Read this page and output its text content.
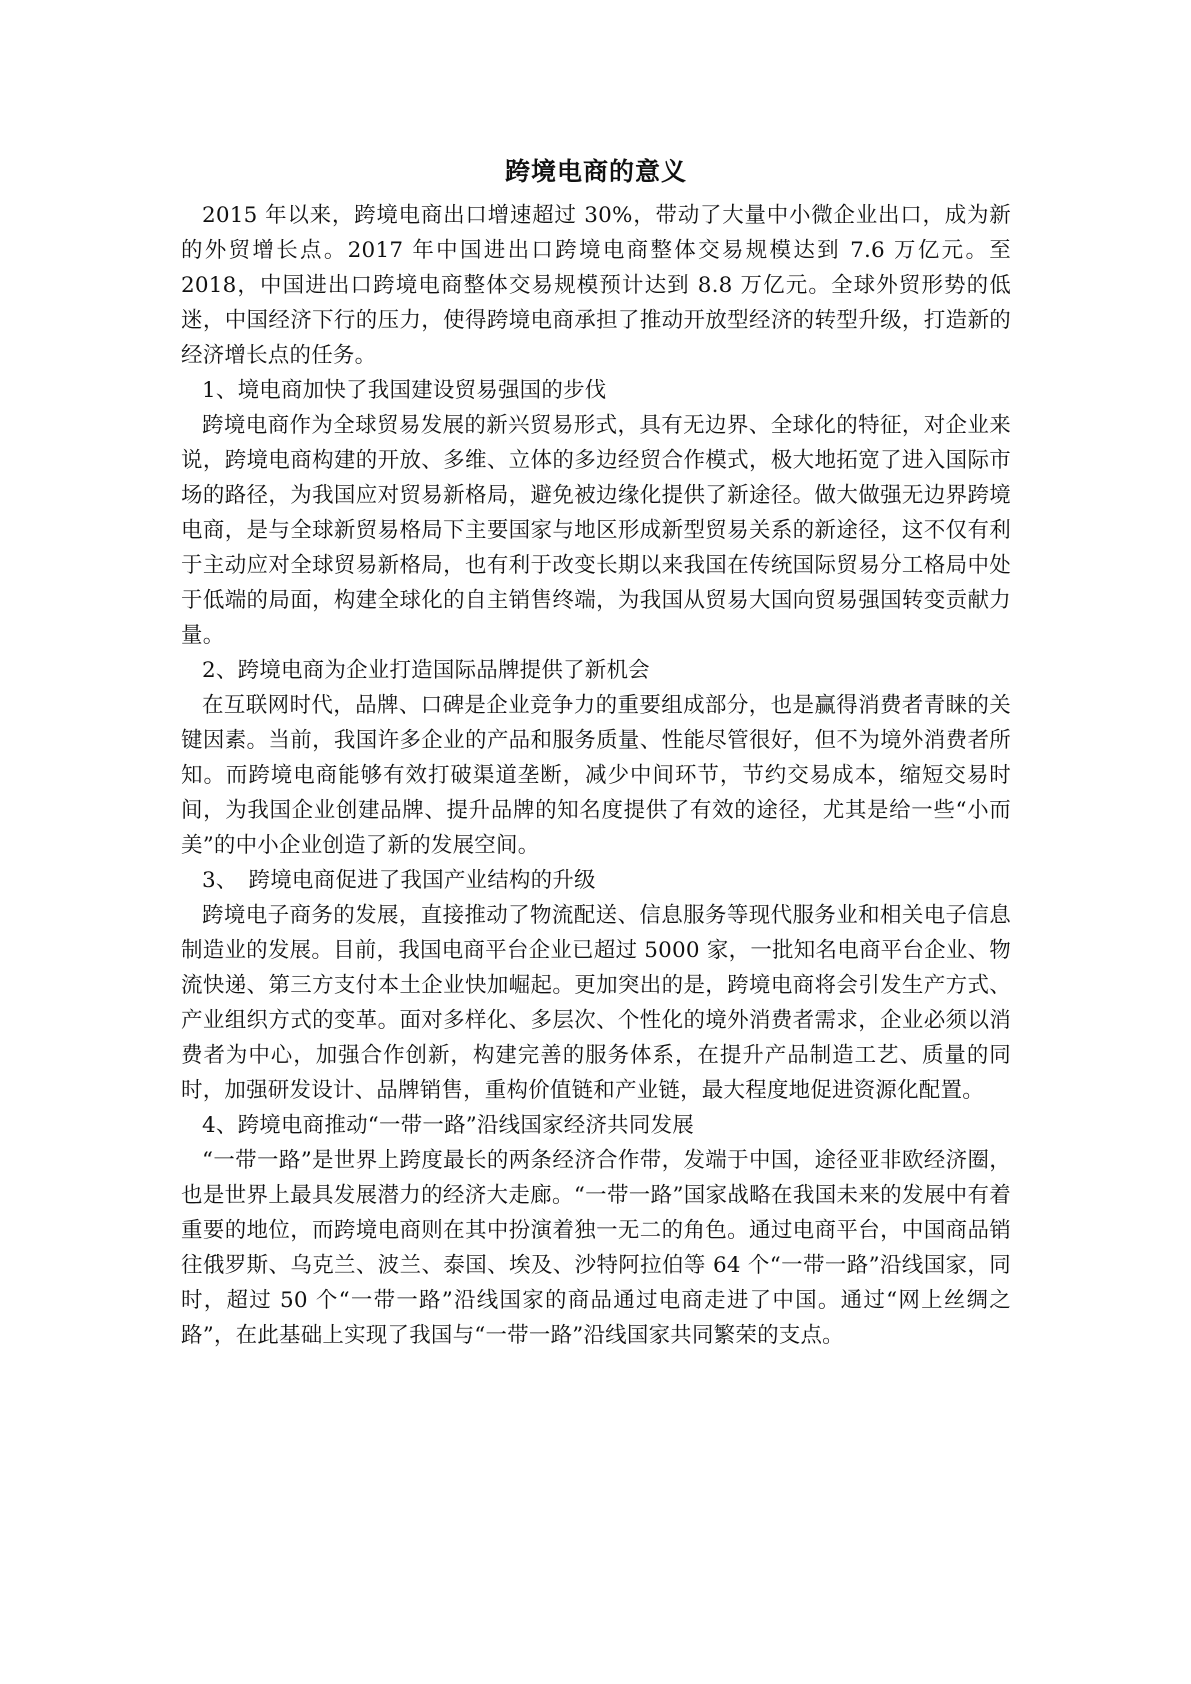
跨境电商的意义

2015 年以来，跨境电商出口增速超过 30%，带动了大量中小微企业出口，成为新的外贸增长点。2017 年中国进出口跨境电商整体交易规模达到 7.6 万亿元。至 2018，中国进出口跨境电商整体交易规模预计达到 8.8 万亿元。全球外贸形势的低迷，中国经济下行的压力，使得跨境电商承担了推动开放型经济的转型升级，打造新的经济增长点的任务。

1、境电商加快了我国建设贸易强国的步伐

跨境电商作为全球贸易发展的新兴贸易形式，具有无边界、全球化的特征，对企业来说，跨境电商构建的开放、多维、立体的多边经贸合作模式，极大地拓宽了进入国际市场的路径，为我国应对贸易新格局，避免被边缘化提供了新途径。做大做强无边界跨境电商，是与全球新贸易格局下主要国家与地区形成新型贸易关系的新途径，这不仅有利于主动应对全球贸易新格局，也有利于改变长期以来我国在传统国际贸易分工格局中处于低端的局面，构建全球化的自主销售终端，为我国从贸易大国向贸易强国转变贡献力量。

2、跨境电商为企业打造国际品牌提供了新机会

在互联网时代，品牌、口碑是企业竞争力的重要组成部分，也是赢得消费者青睐的关键因素。当前，我国许多企业的产品和服务质量、性能尽管很好，但不为境外消费者所知。而跨境电商能够有效打破渠道垄断，减少中间环节，节约交易成本，缩短交易时间，为我国企业创建品牌、提升品牌的知名度提供了有效的途径，尤其是给一些“小而美”的中小企业创造了新的发展空间。

3、　跨境电商促进了我国产业结构的升级

跨境电子商务的发展，直接推动了物流配送、信息服务等现代服务业和相关电子信息制造业的发展。目前，我国电商平台企业已超过 5000 家，一批知名电商平台企业、物流快递、第三方支付本土企业快加崛起。更加突出的是，跨境电商将会引发生产方式、产业组织方式的变革。面对多样化、多层次、个性化的境外消费者需求，企业必须以消费者为中心，加强合作创新，构建完善的服务体系，在提升产品制造工艺、质量的同时，加强研发设计、品牌销售，重构价值链和产业链，最大程度地促进资源化配置。

4、跨境电商推动“一带一路”沿线国家经济共同发展

“一带一路”是世界上跨度最长的两条经济合作带，发端于中国，途径亚非欧经济圈，也是世界上最具发展潜力的经济大走廊。“一带一路”国家战略在我国未来的发展中有着重要的地位，而跨境电商则在其中扮演着独一无二的角色。通过电商平台，中国商品销往俄罗斯、乌克兰、波兰、泰国、埃及、沙特阿拉伯等 64 个“一带一路”沿线国家，同时，超过 50 个“一带一路”沿线国家的商品通过电商走进了中国。通过“网上丝绸之路”，在此基础上实现了我国与“一带一路”沿线国家共同繁荣的支点。
